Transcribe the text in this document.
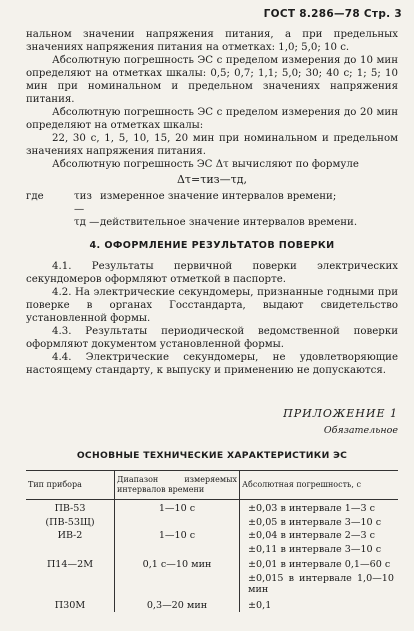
ГОСТ 8.286—78 Стр. 3

нальном значении напряжения питания, а при предельных значениях напряжения питания на отметках: 1,0; 5,0; 10 с.

Абсолютную погрешность ЭС с пределом измерения до 10 мин определяют на отметках шкалы: 0,5; 0,7; 1,1; 5,0; 30; 40 с; 1; 5; 10 мин при номинальном и предельном значениях напряжения питания.

Абсолютную погрешность ЭС с пределом измерения до 20 мин определяют на отметках шкалы:

22, 30 с, 1, 5, 10, 15, 20 мин при номинальном и предельном значениях напряжения питания.

Абсолютную погрешность ЭС Δτ вычисляют по формуле

Δτ=τиз—τд,
где	τиз —
измеренное значение интервалов времени;
τд — действительное значение интервалов времени.
4. ОФОРМЛЕНИЕ РЕЗУЛЬТАТОВ ПОВЕРКИ

4.1. Результаты первичной поверки электрических секундомеров оформляют отметкой в паспорте.

4.2. На электрические секундомеры, признанные годными при поверке в органах Госстандарта, выдают свидетельство установленной формы.

4.3. Результаты периодической ведомственной поверки оформляют документом установленной формы.

4.4. Электрические секундомеры, не удовлетворяющие настоящему стандарту, к выпуску и применению не допускаются.

ПРИЛОЖЕНИЕ 1
Обязательное
ОСНОВНЫЕ ТЕХНИЧЕСКИЕ ХАРАКТЕРИСТИКИ ЭС
Тип прибора	Диапазон измеряемых интервалов времени	Абсолютная погрешность, с
ПВ-53	1—10 с	±0,03 в интервале 1—3 с
(ПВ-53Щ)		±0,05 в интервале 3—10 с
ИВ-2	1—10 с	±0,04 в интервале 2—3 с
		±0,11 в интервале 3—10 с
П14—2М	0,1 с—10 мин	±0,01 в интервале 0,1—60 с
		±0,015 в интервале 1,0—10 мин
П30М	0,3—20 мин	±0,1
